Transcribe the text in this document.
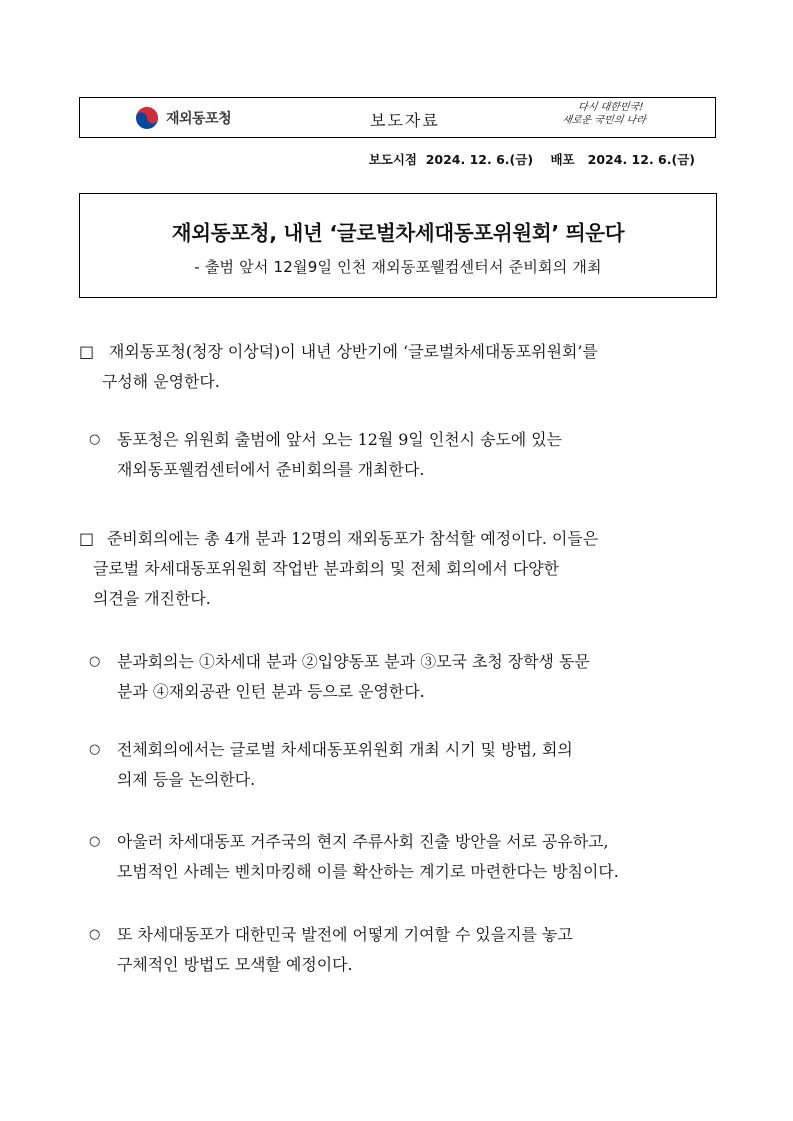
재외동포청	보도자료
다시 대한민국!
새로운 국민의 나라
보도시점  2024. 12. 6.(금)    배포   2024. 12. 6.(금)
재외동포청, 내년 ‘글로벌차세대동포위원회’ 띄운다
- 출범 앞서 12월9일 인천 재외동포웰컴센터서 준비회의 개최
□ 재외동포청(청장 이상덕)이 내년 상반기에 ‘글로벌차세대동포위원회’를
구성해 운영한다.
○ 동포청은 위원회 출범에 앞서 오는 12월 9일 인천시 송도에 있는
재외동포웰컴센터에서 준비회의를 개최한다.
□ 준비회의에는 총 4개 분과 12명의 재외동포가 참석할 예정이다. 이들은
글로벌 차세대동포위원회 작업반 분과회의 및 전체 회의에서 다양한
의견을 개진한다.
○ 분과회의는 ①차세대 분과 ②입양동포 분과 ③모국 초청 장학생 동문
분과 ④재외공관 인턴 분과 등으로 운영한다.
○ 전체회의에서는 글로벌 차세대동포위원회 개최 시기 및 방법, 회의
의제 등을 논의한다.
○ 아울러 차세대동포 거주국의 현지 주류사회 진출 방안을 서로 공유하고,
모범적인 사례는 벤치마킹해 이를 확산하는 계기로 마련한다는 방침이다.
○ 또 차세대동포가 대한민국 발전에 어떻게 기여할 수 있을지를 놓고
구체적인 방법도 모색할 예정이다.
